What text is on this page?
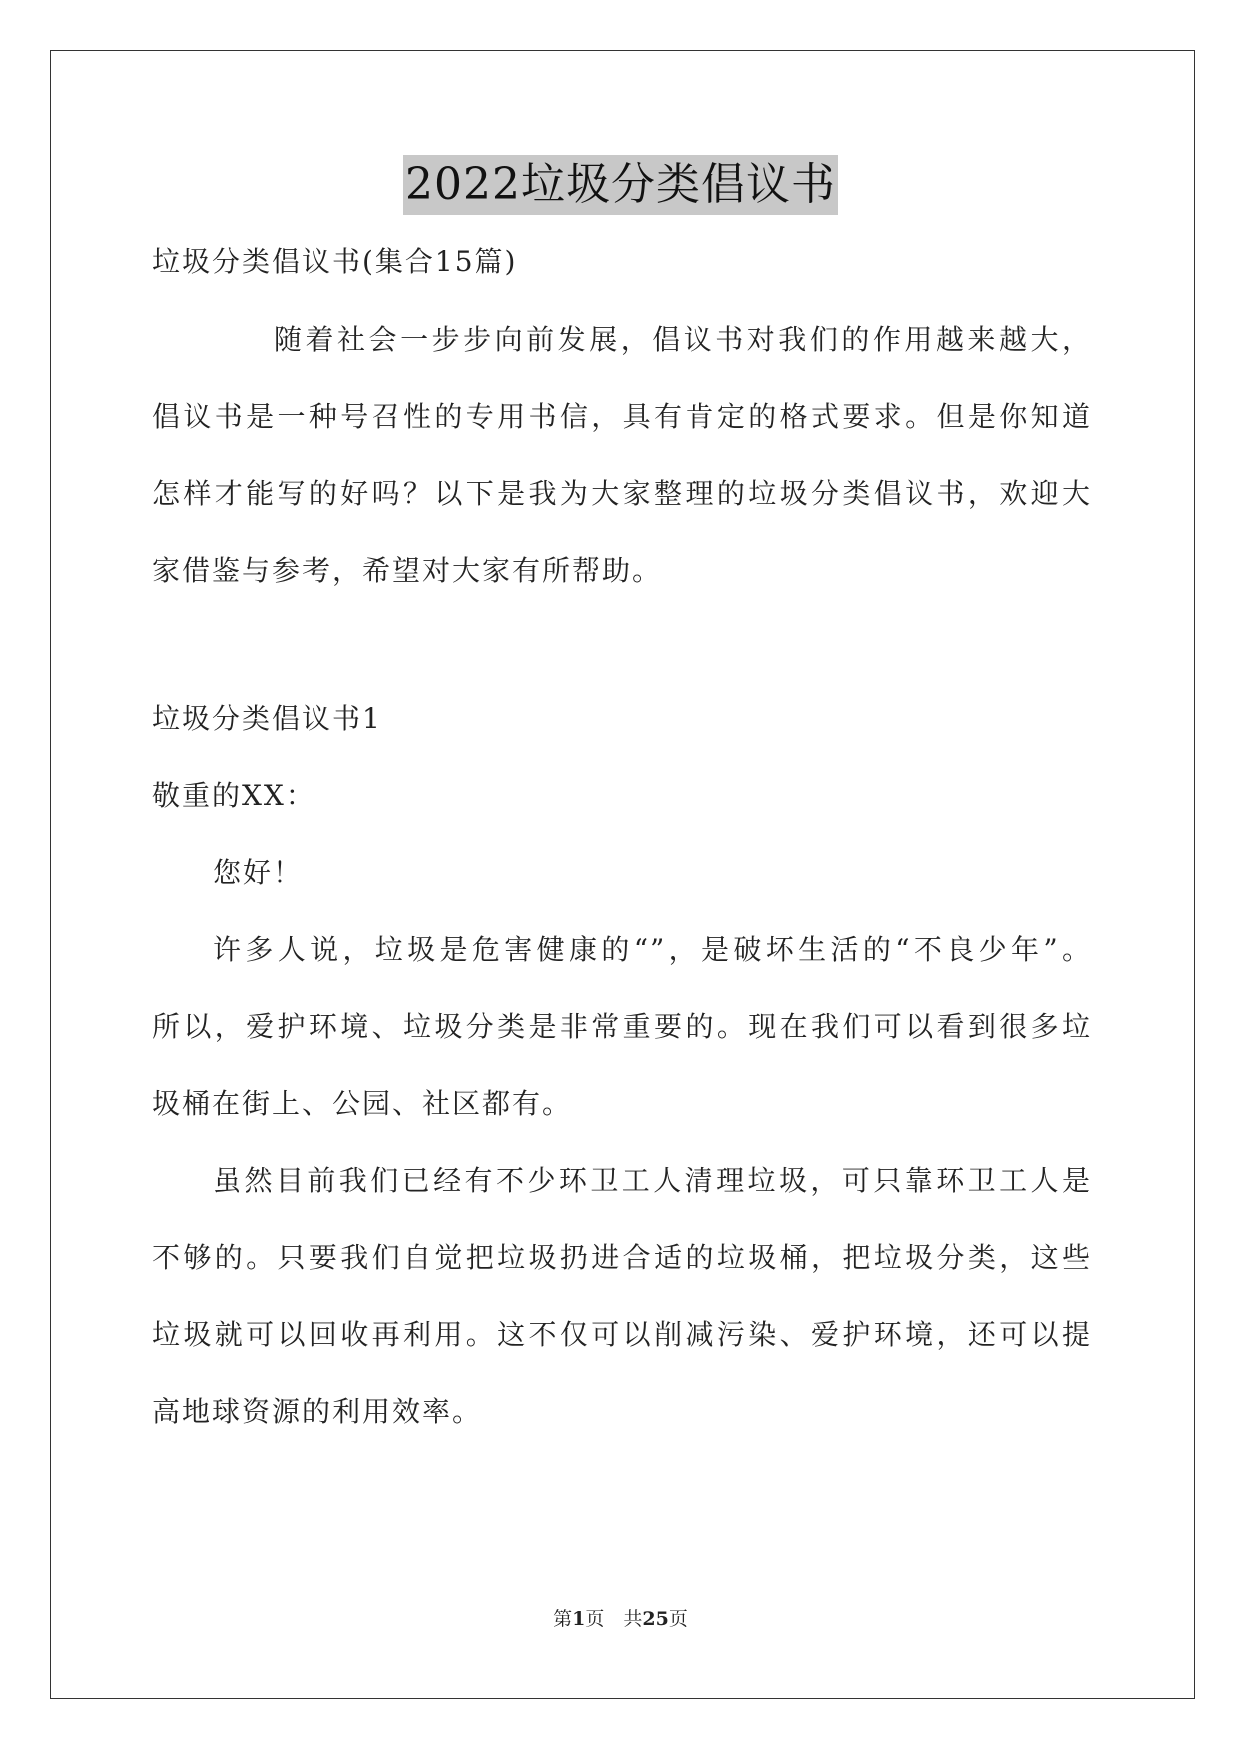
2022垃圾分类倡议书
垃圾分类倡议书(集合15篇)
随着社会一步步向前发展，倡议书对我们的作用越来越大，
倡议书是一种号召性的专用书信，具有肯定的格式要求。但是你知道
怎样才能写的好吗？以下是我为大家整理的垃圾分类倡议书，欢迎大
家借鉴与参考，希望对大家有所帮助。
垃圾分类倡议书1
敬重的XX：
您好！
许多人说，垃圾是危害健康的“”，是破坏生活的“不良少年”。
所以，爱护环境、垃圾分类是非常重要的。现在我们可以看到很多垃
圾桶在街上、公园、社区都有。
虽然目前我们已经有不少环卫工人清理垃圾，可只靠环卫工人是
不够的。只要我们自觉把垃圾扔进合适的垃圾桶，把垃圾分类，这些
垃圾就可以回收再利用。这不仅可以削减污染、爱护环境，还可以提
高地球资源的利用效率。
第1页　共25页
